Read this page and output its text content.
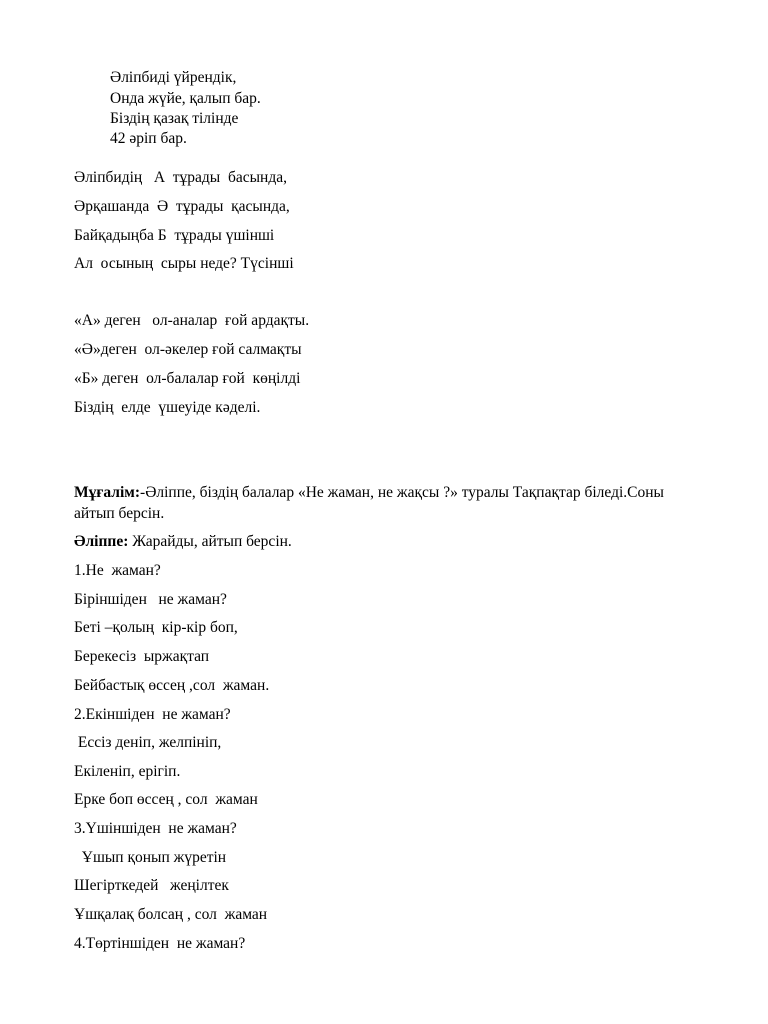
Әліпбиді үйрендік,
Онда жүйе, қалып бар.
Біздің қазақ тілінде
42 әріп бар.
Әліпбидің   А  тұрады  басында,
Әрқашанда  Ә  тұрады  қасында,
Байқадыңба Б  тұрады үшінші
Ал  осының  сыры неде? Түсінші
«А» деген   ол-аналар  ғой ардақты.
«Ә»деген  ол-әкелер ғой салмақты
«Б» деген  ол-балалар ғой  көңілді
Біздің  елде  үшеуіде кәделі.
Мұғалім:-Әліппе, біздің балалар «Не жаман, не жақсы ?» туралы Тақпақтар біледі.Соны айтып берсін.
Әліппе: Жарайды, айтып берсін.
1.Не  жаман?
Біріншіден   не жаман?
Беті –қолың  кір-кір боп,
Берекесіз  ыржақтап
Бейбастық өссең ,сол  жаман.
2.Екіншіден  не жаман?
Ессіз деніп, желпініп,
Екіленіп, ерігіп.
Ерке боп өссең , сол  жаман
3.Үшіншіден  не жаман?
Ұшып қонып жүретін
Шегірткедей   жеңілтек
Ұшқалақ болсаң , сол  жаман
4.Төртіншіден  не жаман?
